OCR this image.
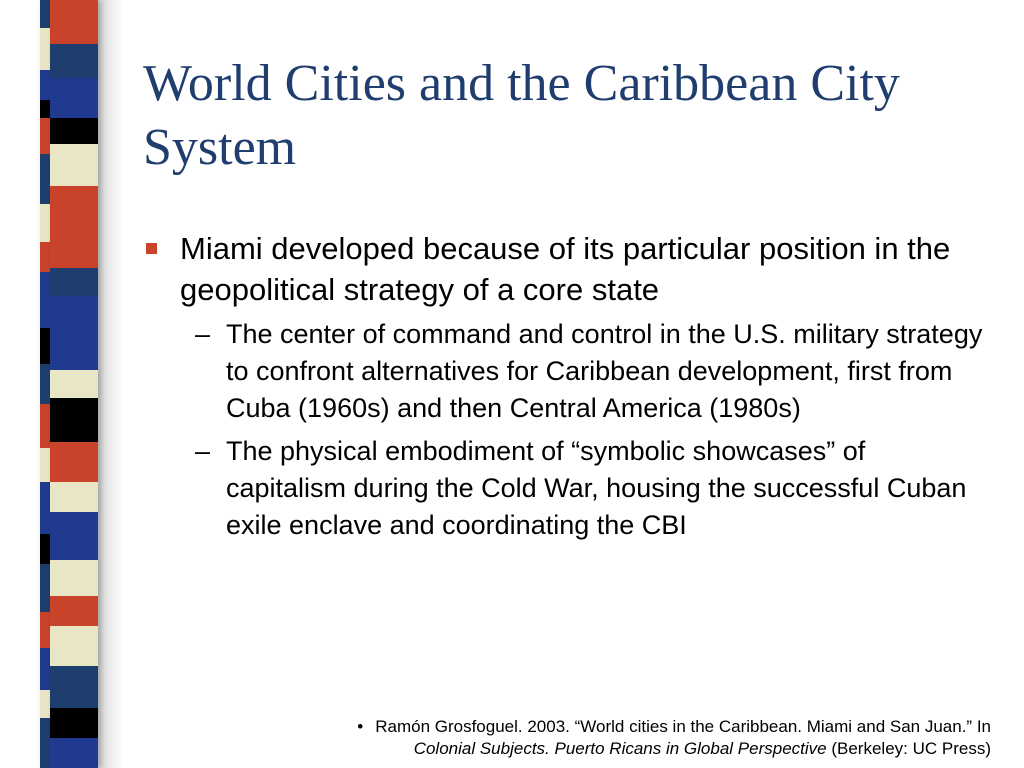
World Cities and the Caribbean City
System
Miami developed because of its particular position in the geopolitical strategy of a core state
– The center of command and control in the U.S. military strategy to confront alternatives for Caribbean development, first from Cuba (1960s) and then Central America (1980s)
– The physical embodiment of “symbolic showcases” of capitalism during the Cold War, housing the successful Cuban exile enclave and coordinating the CBI
• Ramón Grosfoguel. 2003. “World cities in the Caribbean. Miami and San Juan.” In
Colonial Subjects. Puerto Ricans in Global Perspective (Berkeley: UC Press)
